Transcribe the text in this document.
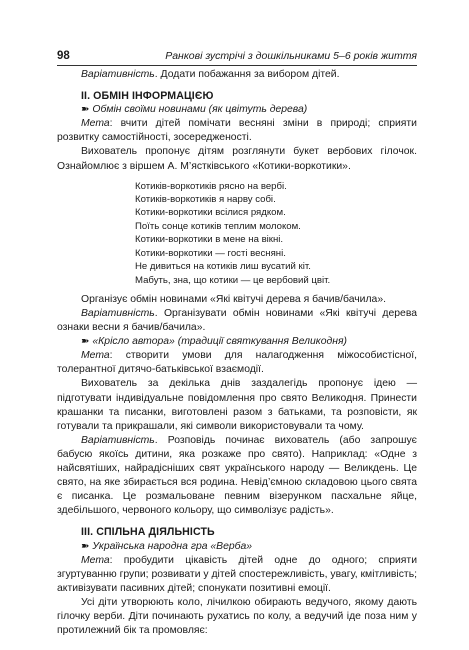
98	Ранкові зустрічі з дошкільниками 5–6 років життя

Варіативність. Додати побажання за вибором дітей.

II. ОБМІН ІНФОРМАЦІЄЮ
➽ Обмін своїми новинами (як цвітуть дерева)

Мета: вчити дітей помічати весняні зміни в природі; сприяти розвитку самостійності, зосередженості.

Вихователь пропонує дітям розглянути букет вербових гілочок. Ознайомлює з віршем А. М’ястківського «Котики-воркотики».

Котиків-воркотиків рясно на вербі.
Котиків-воркотиків я нарву собі.
Котики-воркотики всілися рядком.
Поїть сонце котиків теплим молоком.
Котики-воркотики в мене на вікні.
Котики-воркотики — гості весняні.
Не дивиться на котиків лиш вусатий кіт.
Мабуть, зна, що котики — це вербовий цвіт.

Організує обмін новинами «Які квітучі дерева я бачив/бачила».

Варіативність. Організувати обмін новинами «Які квітучі дерева ознаки весни я бачив/бачила».

➽ «Крісло автора» (традиції святкування Великодня)

Мета: створити умови для налагодження міжособистісної, толерантної дитячо-батьківської взаємодії.

Вихователь за декілька днів заздалегідь пропонує ідею — підготувати індивідуальне повідомлення про свято Великодня. Принести крашанки та писанки, виготовлені разом з батьками, та розповісти, як готували та прикрашали, які символи використовували та чому.

Варіативність. Розповідь починає вихователь (або запрошує бабусю якоїсь дитини, яка розкаже про свято). Наприклад: «Одне з найсвятіших, найрадісніших свят українського народу — Великдень. Це свято, на яке збирається вся родина. Невід’ємною складовою цього свята є писанка. Це розмальоване певним візерунком пасхальне яйце, здебільшого, червоного кольору, що символізує радість».

III. СПІЛЬНА ДІЯЛЬНІСТЬ
➽ Українська народна гра «Верба»

Мета: пробудити цікавість дітей одне до одного; сприяти згуртуванню групи; розвивати у дітей спостережливість, увагу, кмітливість; активізувати пасивних дітей; спонукати позитивні емоції.

Усі діти утворюють коло, лічилкою обирають ведучого, якому дають гілочку верби. Діти починають рухатись по колу, а ведучий іде поза ним у протилежний бік та промовляє:
